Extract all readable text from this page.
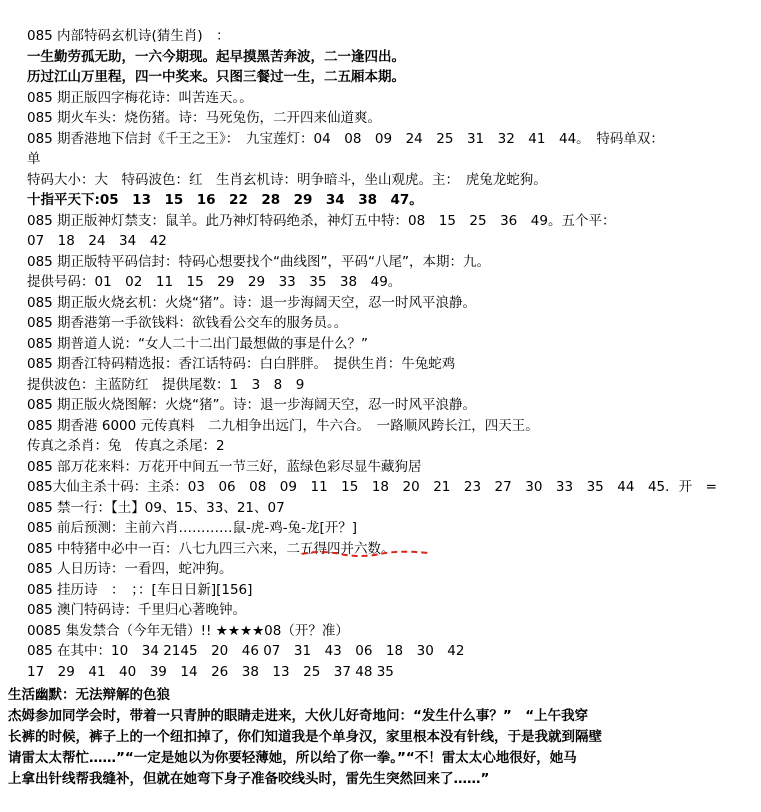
085 内部特码玄机诗(猜生肖)　：
一生勤劳孤无助，一六今期现。起早摸黑苦奔波，二一逢四出。
历过江山万里程，四一中奖来。只图三餐过一生，二五厢本期。
085 期正版四字梅花诗：叫苦连天。。
085 期火车头：烧伤猪。诗：马死兔伤，二开四来仙道爽。
085 期香港地下信封《千王之王》：　九宝莲灯：04　08　09　24　25　31　32　41　44。　特码单双：
单
特码大小：大　特码波色：红　生肖玄机诗：明争暗斗，坐山观虎。主：　虎兔龙蛇狗。
十指平天下:05　13　15　16　22　28　29　34　38　47。
085 期正版神灯禁支：鼠羊。此乃神灯特码绝杀，神灯五中特：08　15　25　36　49。五个平：
07　18　24　34　42
085 期正版特平码信封：特码心想要找个“曲线图”，平码“八尾”，本期：九。
提供号码：01　02　11　15　29　29　33　35　38　49。
085 期正版火烧玄机：火烧“猪”。诗：退一步海阔天空，忍一时风平浪静。
085 期香港第一手欲钱料：欲钱看公交车的服务员。。
085 期普道人说：“女人二十二出门最想做的事是什么？”
085 期香江特码精选报：香江话特码：白白胖胖。　提供生肖：牛兔蛇鸡
提供波色：主蓝防红　提供尾数：1　3　8　9
085 期正版火烧图解：火烧“猪”。诗：退一步海阔天空，忍一时风平浪静。
085 期香港 6000 元传真料　二九相争出远门，牛六合。　一路顺风跨长江，四天王。
传真之杀肖：兔　传真之杀尾：2
085 部万花来料：万花开中间五一节三好，蓝绿色彩尽显牛藏狗居
085大仙主杀十码：主杀：03　06　08　09　11　15　18　20　21　23　27　30　33　35　44　45．开　=
085 禁一行：【土】09、15、33、21、07
085 前后预测：主前六肖…………鼠-虎-鸡-兔-龙[开？]
085 中特猪中必中一百：八七九四三六来，二五得四并六数。
085 人日历诗：一看四，蛇冲狗。
085 挂历诗　：　；：[车日日新][156]
085 澳门特码诗：千里归心著晚钟。
0085 集发禁合（今年无错）!! ★★★★08（开？准）
085 在其中：10　34 2145　20　46 07　31　43　06　18　30　42
17　29　41　40　39　14　26　38　13　25　37 48 35
生活幽默：无法辩解的色狼
杰姆参加同学会时，带着一只青肿的眼睛走进来，大伙儿好奇地问：“发生什么事？”　“上午我穿
长裤的时候，裤子上的一个纽扣掉了，你们知道我是个单身汉，家里根本没有针线，于是我就到隔壁
请雷太太帮忙……”“一定是她以为你要轻薄她，所以给了你一拳。”“不！雷太太心地很好，她马
上拿出针线帮我缝补，但就在她弯下身子准备咬线头时，雷先生突然回来了……”
